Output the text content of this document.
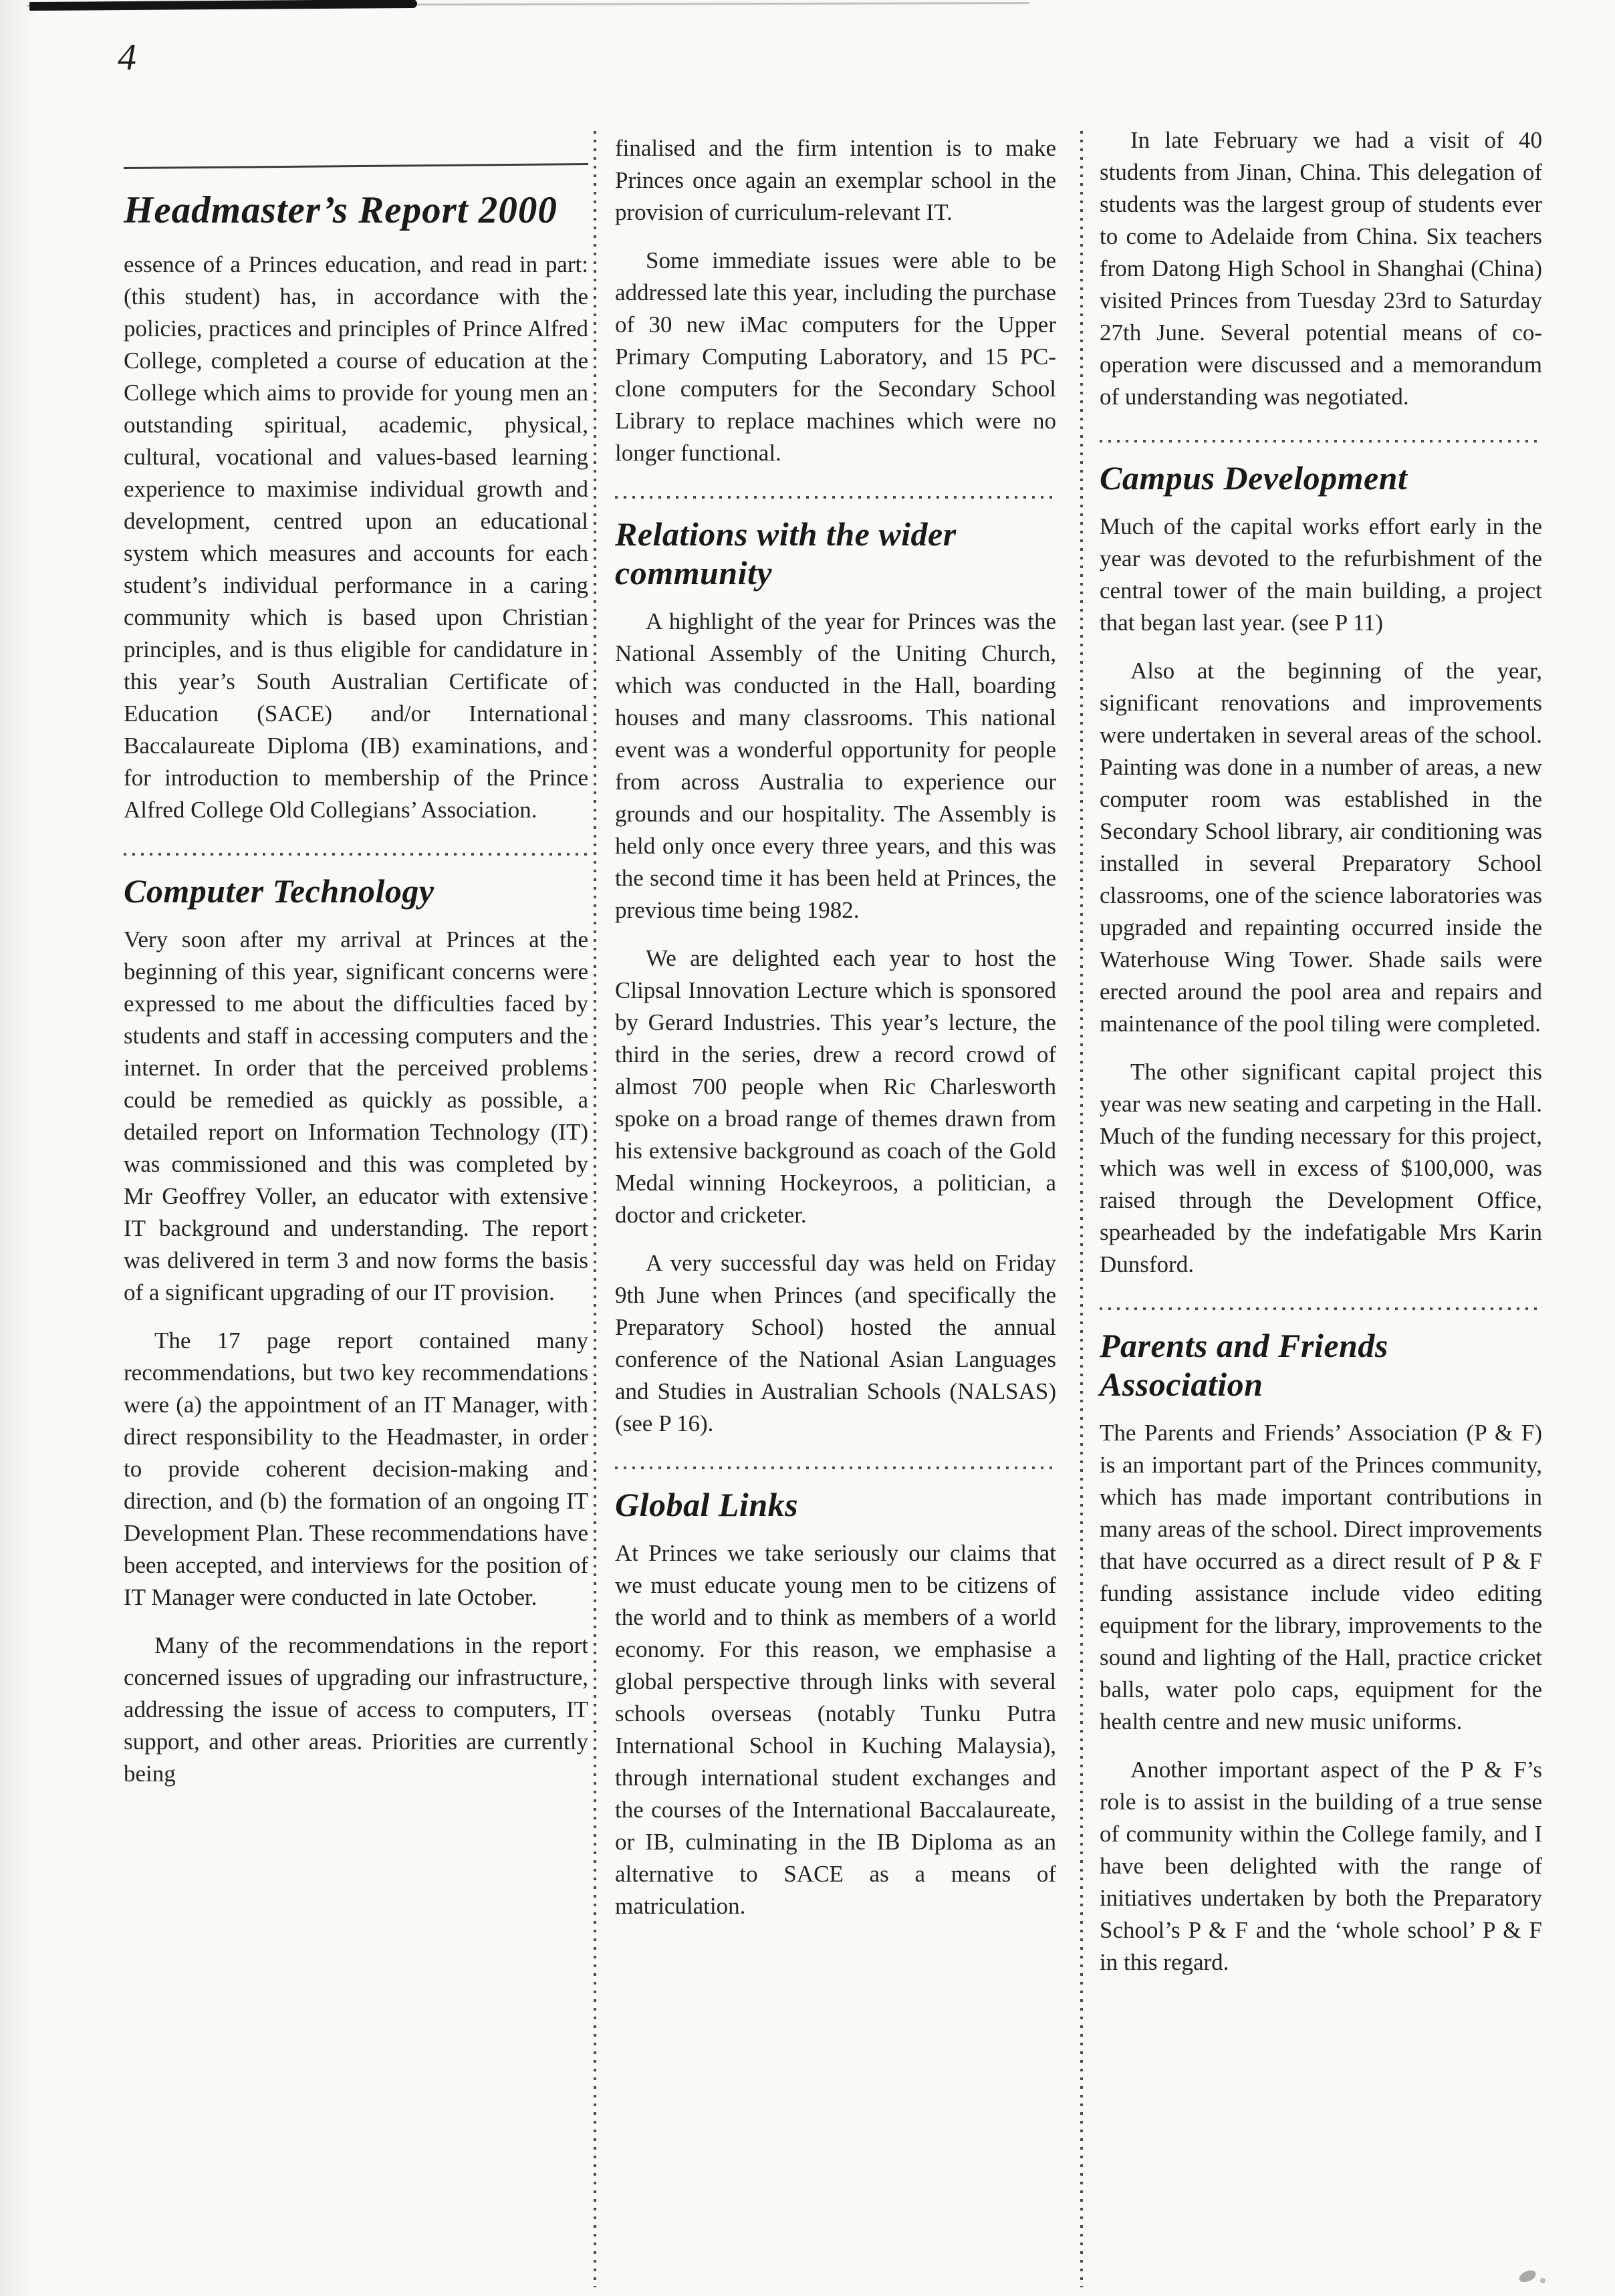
4
Headmaster’s Report 2000
essence of a Princes education, and read in part: (this student) has, in accordance with the policies, practices and principles of Prince Alfred College, completed a course of education at the College which aims to provide for young men an outstanding spiritual, academic, physical, cultural, vocational and values-based learning experience to maximise individual growth and development, centred upon an educational system which measures and accounts for each student’s individual performance in a caring community which is based upon Christian principles, and is thus eligible for candidature in this year’s South Australian Certificate of Education (SACE) and/or International Baccalaureate Diploma (IB) examinations, and for introduction to membership of the Prince Alfred College Old Collegians’ Association.
Computer Technology
Very soon after my arrival at Princes at the beginning of this year, significant concerns were expressed to me about the difficulties faced by students and staff in accessing computers and the internet. In order that the perceived problems could be remedied as quickly as possible, a detailed report on Information Technology (IT) was commissioned and this was completed by Mr Geoffrey Voller, an educator with extensive IT background and understanding. The report was delivered in term 3 and now forms the basis of a significant upgrading of our IT provision.
The 17 page report contained many recommendations, but two key recommendations were (a) the appointment of an IT Manager, with direct responsibility to the Headmaster, in order to provide coherent decision-making and direction, and (b) the formation of an ongoing IT Development Plan. These recommendations have been accepted, and interviews for the position of IT Manager were conducted in late October.
Many of the recommendations in the report concerned issues of upgrading our infrastructure, addressing the issue of access to computers, IT support, and other areas. Priorities are currently being
finalised and the firm intention is to make Princes once again an exemplar school in the provision of curriculum-relevant IT.
Some immediate issues were able to be addressed late this year, including the purchase of 30 new iMac computers for the Upper Primary Computing Laboratory, and 15 PC-clone computers for the Secondary School Library to replace machines which were no longer functional.
Relations with the wider community
A highlight of the year for Princes was the National Assembly of the Uniting Church, which was conducted in the Hall, boarding houses and many classrooms. This national event was a wonderful opportunity for people from across Australia to experience our grounds and our hospitality. The Assembly is held only once every three years, and this was the second time it has been held at Princes, the previous time being 1982.
We are delighted each year to host the Clipsal Innovation Lecture which is sponsored by Gerard Industries. This year’s lecture, the third in the series, drew a record crowd of almost 700 people when Ric Charlesworth spoke on a broad range of themes drawn from his extensive background as coach of the Gold Medal winning Hockeyroos, a politician, a doctor and cricketer.
A very successful day was held on Friday 9th June when Princes (and specifically the Preparatory School) hosted the annual conference of the National Asian Languages and Studies in Australian Schools (NALSAS) (see P 16).
Global Links
At Princes we take seriously our claims that we must educate young men to be citizens of the world and to think as members of a world economy. For this reason, we emphasise a global perspective through links with several schools overseas (notably Tunku Putra International School in Kuching Malaysia), through international student exchanges and the courses of the International Baccalaureate, or IB, culminating in the IB Diploma as an alternative to SACE as a means of matriculation.
In late February we had a visit of 40 students from Jinan, China. This delegation of students was the largest group of students ever to come to Adelaide from China. Six teachers from Datong High School in Shanghai (China) visited Princes from Tuesday 23rd to Saturday 27th June. Several potential means of co-operation were discussed and a memorandum of understanding was negotiated.
Campus Development
Much of the capital works effort early in the year was devoted to the refurbishment of the central tower of the main building, a project that began last year. (see P 11)
Also at the beginning of the year, significant renovations and improvements were undertaken in several areas of the school. Painting was done in a number of areas, a new computer room was established in the Secondary School library, air conditioning was installed in several Preparatory School classrooms, one of the science laboratories was upgraded and repainting occurred inside the Waterhouse Wing Tower. Shade sails were erected around the pool area and repairs and maintenance of the pool tiling were completed.
The other significant capital project this year was new seating and carpeting in the Hall. Much of the funding necessary for this project, which was well in excess of $100,000, was raised through the Development Office, spearheaded by the indefatigable Mrs Karin Dunsford.
Parents and Friends Association
The Parents and Friends’ Association (P & F) is an important part of the Princes community, which has made important contributions in many areas of the school. Direct improvements that have occurred as a direct result of P & F funding assistance include video editing equipment for the library, improvements to the sound and lighting of the Hall, practice cricket balls, water polo caps, equipment for the health centre and new music uniforms.
Another important aspect of the P & F’s role is to assist in the building of a true sense of community within the College family, and I have been delighted with the range of initiatives undertaken by both the Preparatory School’s P & F and the ‘whole school’ P & F in this regard.
